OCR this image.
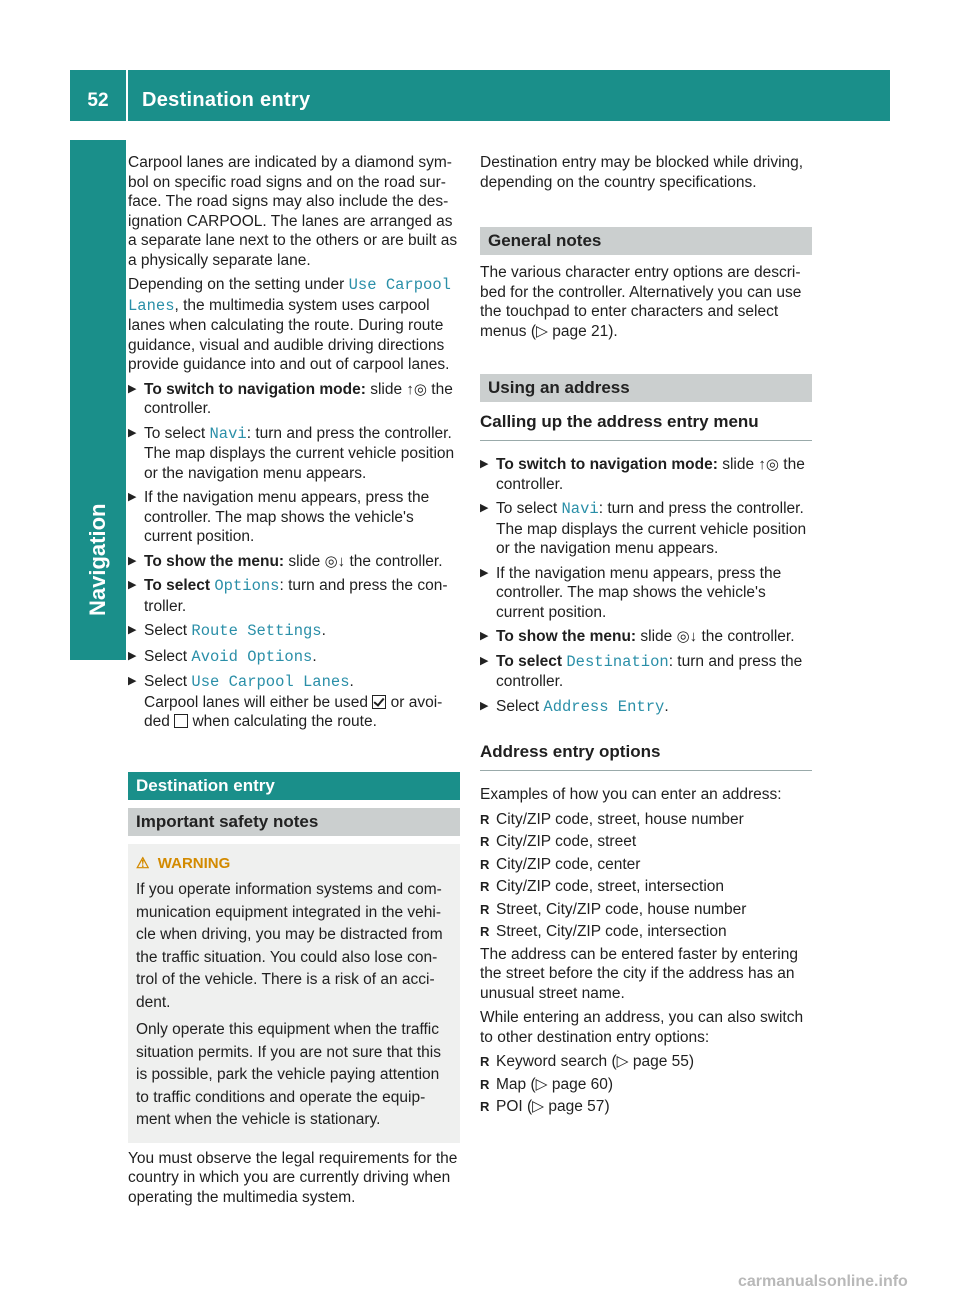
52	Destination entry
Navigation

Carpool lanes are indicated by a diamond sym-bol on specific road signs and on the road sur-face. The road signs may also include the des-ignation CARPOOL. The lanes are arranged as a separate lane next to the others or are built as a physically separate lane.

Depending on the setting under Use Carpool Lanes, the multimedia system uses carpool lanes when calculating the route. During route guidance, visual and audible driving directions provide guidance into and out of carpool lanes.

▶ To switch to navigation mode: slide ↑◎ the controller.
▶ To select Navi: turn and press the controller. The map displays the current vehicle position or the navigation menu appears.
▶ If the navigation menu appears, press the controller. The map shows the vehicle's current position.
▶ To show the menu: slide ◎↓ the controller.
▶ To select Options: turn and press the con-troller.
▶ Select Route Settings.
▶ Select Avoid Options.
▶ Select Use Carpool Lanes.
Carpool lanes will either be used  or avoi-ded  when calculating the route.
Destination entry
Important safety notes
⚠ WARNING

If you operate information systems and com-munication equipment integrated in the vehi-cle when driving, you may be distracted from the traffic situation. You could also lose con-trol of the vehicle. There is a risk of an acci-dent.

Only operate this equipment when the traffic situation permits. If you are not sure that this is possible, park the vehicle paying attention to traffic conditions and operate the equip-ment when the vehicle is stationary.

You must observe the legal requirements for the country in which you are currently driving when operating the multimedia system.

Destination entry may be blocked while driving, depending on the country specifications.

General notes

The various character entry options are descri-bed for the controller. Alternatively you can use the touchpad to enter characters and select menus (▷ page 21).

Using an address
Calling up the address entry menu
▶ To switch to navigation mode: slide ↑◎ the controller.
▶ To select Navi: turn and press the controller. The map displays the current vehicle position or the navigation menu appears.
▶ If the navigation menu appears, press the controller. The map shows the vehicle's current position.
▶ To show the menu: slide ◎↓ the controller.
▶ To select Destination: turn and press the controller.
▶ Select Address Entry.
Address entry options

Examples of how you can enter an address:

R City/ZIP code, street, house number
R City/ZIP code, street
R City/ZIP code, center
R City/ZIP code, street, intersection
R Street, City/ZIP code, house number
R Street, City/ZIP code, intersection

The address can be entered faster by entering the street before the city if the address has an unusual street name.

While entering an address, you can also switch to other destination entry options:

R Keyword search (▷ page 55)
R Map (▷ page 60)
R POI (▷ page 57)
carmanualsonline.info
